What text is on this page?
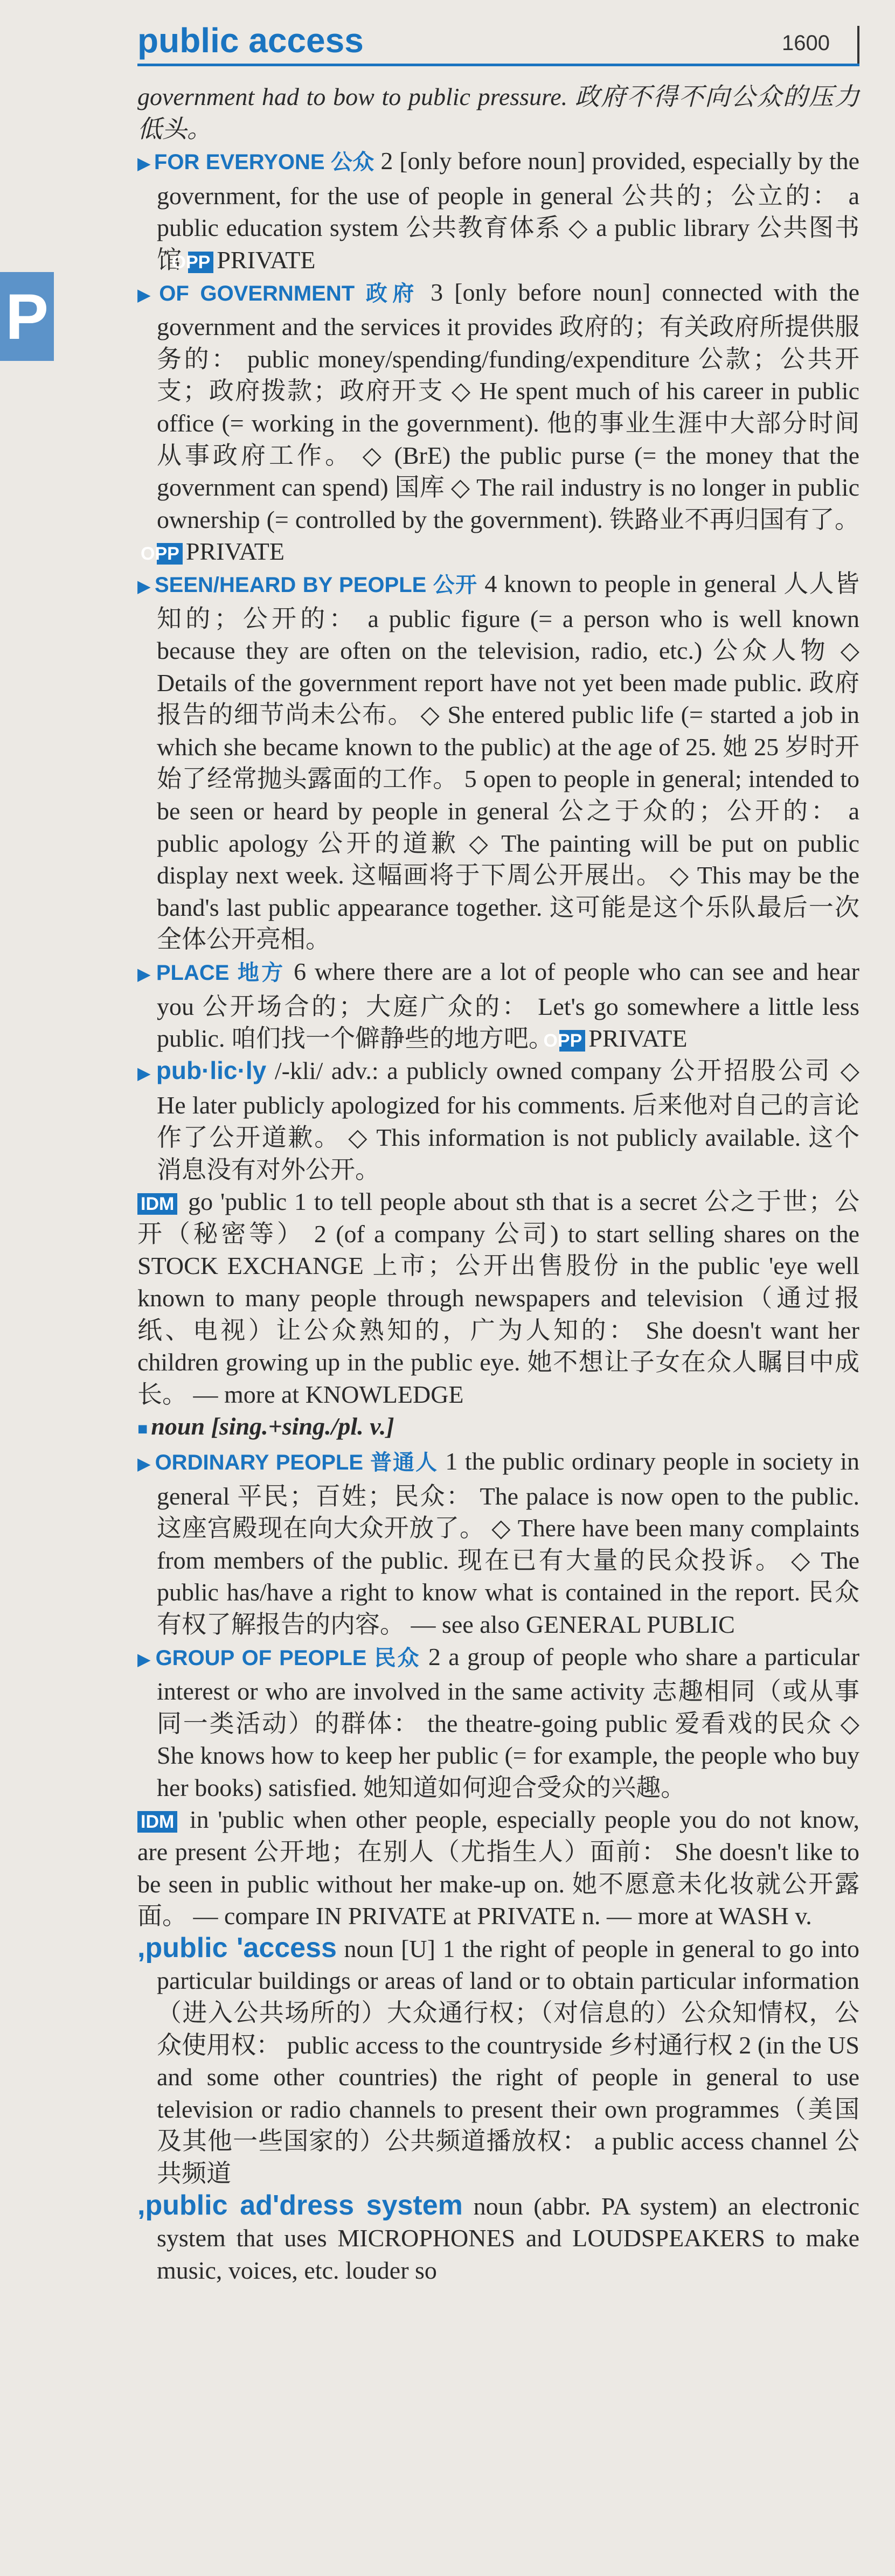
P
public access	1600

government had to bow to public pressure. 政府不得不向公众的压力低头。

▶ FOR EVERYONE 公众 2 [only before noun] provided, especially by the government, for the use of people in general 公共的；公立的： a public education system 公共教育体系 ◇ a public library 公共图书馆 OPP PRIVATE

▶ OF GOVERNMENT 政府 3 [only before noun] connected with the government and the services it provides 政府的；有关政府所提供服务的： public money/spending/funding/expenditure 公款；公共开支；政府拨款；政府开支 ◇ He spent much of his career in public office (= working in the government). 他的事业生涯中大部分时间从事政府工作。 ◇ (BrE) the public purse (= the money that the government can spend) 国库 ◇ The rail industry is no longer in public ownership (= controlled by the government). 铁路业不再归国有了。 OPP PRIVATE

▶ SEEN/HEARD BY PEOPLE 公开 4 known to people in general 人人皆知的；公开的： a public figure (= a person who is well known because they are often on the television, radio, etc.) 公众人物 ◇ Details of the government report have not yet been made public. 政府报告的细节尚未公布。 ◇ She entered public life (= started a job in which she became known to the public) at the age of 25. 她 25 岁时开始了经常抛头露面的工作。 5 open to people in general; intended to be seen or heard by people in general 公之于众的；公开的： a public apology 公开的道歉 ◇ The painting will be put on public display next week. 这幅画将于下周公开展出。 ◇ This may be the band's last public appearance together. 这可能是这个乐队最后一次全体公开亮相。

▶ PLACE 地方 6 where there are a lot of people who can see and hear you 公开场合的；大庭广众的： Let's go somewhere a little less public. 咱们找一个僻静些的地方吧。 OPP PRIVATE

▶ pub·lic·ly /-kli/ adv.: a publicly owned company 公开招股公司 ◇ He later publicly apologized for his comments. 后来他对自己的言论作了公开道歉。 ◇ This information is not publicly available. 这个消息没有对外公开。

IDM go 'public 1 to tell people about sth that is a secret 公之于世；公开（秘密等） 2 (of a company 公司) to start selling shares on the STOCK EXCHANGE 上市；公开出售股份 in the public 'eye well known to many people through newspapers and television（通过报纸、电视）让公众熟知的，广为人知的： She doesn't want her children growing up in the public eye. 她不想让子女在众人瞩目中成长。 — more at KNOWLEDGE

■ noun [sing.+sing./pl. v.]

▶ ORDINARY PEOPLE 普通人 1 the public ordinary people in society in general 平民；百姓；民众： The palace is now open to the public. 这座宫殿现在向大众开放了。 ◇ There have been many complaints from members of the public. 现在已有大量的民众投诉。 ◇ The public has/have a right to know what is contained in the report. 民众有权了解报告的内容。 — see also GENERAL PUBLIC

▶ GROUP OF PEOPLE 民众 2 a group of people who share a particular interest or who are involved in the same activity 志趣相同（或从事同一类活动）的群体： the theatre-going public 爱看戏的民众 ◇ She knows how to keep her public (= for example, the people who buy her books) satisfied. 她知道如何迎合受众的兴趣。

IDM in 'public when other people, especially people you do not know, are present 公开地；在别人（尤指生人）面前： She doesn't like to be seen in public without her make-up on. 她不愿意未化妆就公开露面。 — compare IN PRIVATE at PRIVATE n. — more at WASH v.

,public 'access noun [U] 1 the right of people in general to go into particular buildings or areas of land or to obtain particular information（进入公共场所的）大众通行权；（对信息的）公众知情权，公众使用权： public access to the countryside 乡村通行权 2 (in the US and some other countries) the right of people in general to use television or radio channels to present their own programmes（美国及其他一些国家的）公共频道播放权： a public access channel 公共频道

,public ad'dress system noun (abbr. PA system) an electronic system that uses MICROPHONES and LOUDSPEAKERS to make music, voices, etc. louder so
